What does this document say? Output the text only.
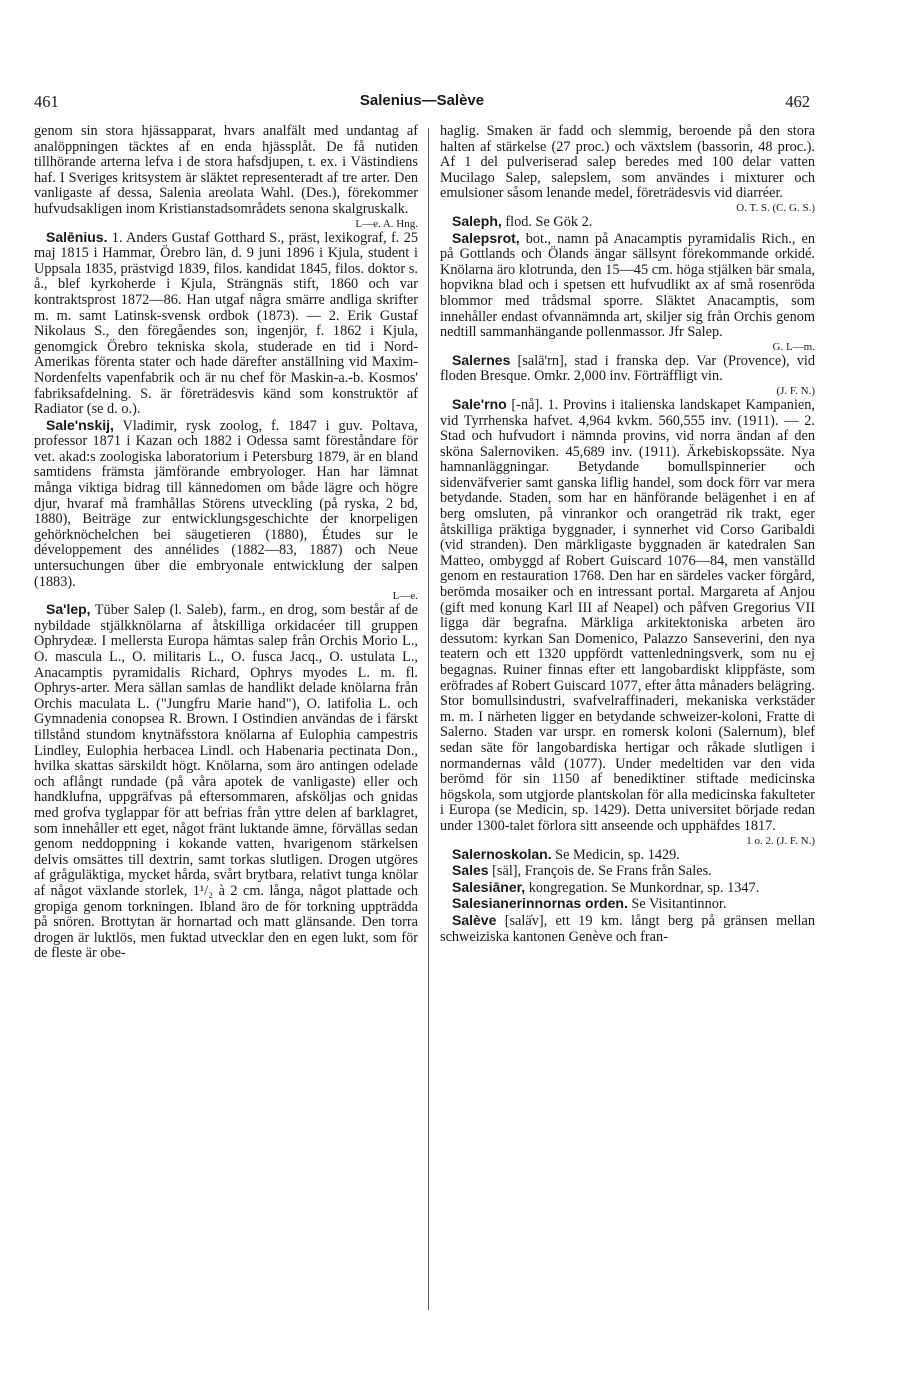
461	Salenius—Salève	462

genom sin stora hjässapparat, hvars analfält med undantag af analöppningen täcktes af en enda hjässplåt. De få nutiden tillhörande arterna lefva i de stora hafsdjupen, t. ex. i Västindiens haf. I Sveriges kritsystem är släktet representeradt af tre arter. Den vanligaste af dessa, Salenia areolata Wahl. (Des.), förekommer hufvudsakligen inom Kristianstadsområdets senona skalgruskalk.
L—e. A. Hng.

Salēnius. 1. Anders Gustaf Gotthard S., präst, lexikograf, f. 25 maj 1815 i Hammar, Örebro län, d. 9 juni 1896 i Kjula, student i Uppsala 1835, prästvigd 1839, filos. kandidat 1845, filos. doktor s. å., blef kyrkoherde i Kjula, Strängnäs stift, 1860 och var kontraktsprost 1872—86. Han utgaf några smärre andliga skrifter m. m. samt Latinsk-svensk ordbok (1873). — 2. Erik Gustaf Nikolaus S., den föregåendes son, ingenjör, f. 1862 i Kjula, genomgick Örebro tekniska skola, studerade en tid i Nord-Amerikas förenta stater och hade därefter anställning vid Maxim-Nordenfelts vapenfabrik och är nu chef för Maskin-a.-b. Kosmos' fabriksafdelning. S. är företrädesvis känd som konstruktör af Radiator (se d. o.).

Sale'nskij, Vladimir, rysk zoolog, f. 1847 i guv. Poltava, professor 1871 i Kazan och 1882 i Odessa samt föreståndare för vet. akad:s zoologiska laboratorium i Petersburg 1879, är en bland samtidens främsta jämförande embryologer. Han har lämnat många viktiga bidrag till kännedomen om både lägre och högre djur, hvaraf må framhållas Störens utveckling (på ryska, 2 bd, 1880), Beiträge zur entwicklungsgeschichte der knorpeligen gehörknöchelchen bei säugetieren (1880), Études sur le développement des annélides (1882—83, 1887) och Neue untersuchungen über die embryonale entwicklung der salpen (1883).
L—e.

Sa'lep, Tüber Salep (l. Saleb), farm., en drog, som består af de nybildade stjälkknölarna af åtskilliga orkidacéer till gruppen Ophrydeæ. I mellersta Europa hämtas salep från Orchis Morio L., O. mascula L., O. militaris L., O. fusca Jacq., O. ustulata L., Anacamptis pyramidalis Richard, Ophrys myodes L. m. fl. Ophrys-arter. Mera sällan samlas de handlikt delade knölarna från Orchis maculata L. ("Jungfru Marie hand"), O. latifolia L. och Gymnadenia conopsea R. Brown. I Ostindien användas de i färskt tillstånd stundom knytnäfsstora knölarna af Eulophia campestris Lindley, Eulophia herbacea Lindl. och Habenaria pectinata Don., hvilka skattas särskildt högt. Knölarna, som äro antingen odelade och aflångt rundade (på våra apotek de vanligaste) eller och handklufna, uppgräfvas på eftersommaren, afsköljas och gnidas med grofva tyglappar för att befrias från yttre delen af barklagret, som innehåller ett eget, något fränt luktande ämne, förvällas sedan genom neddoppning i kokande vatten, hvarigenom stärkelsen delvis omsättes till dextrin, samt torkas slutligen. Drogen utgöres af gråguläktiga, mycket hårda, svårt brytbara, relativt tunga knölar af något växlande storlek, 1¹/₂ à 2 cm. långa, något plattade och gropiga genom torkningen. Ibland äro de för torkning uppträdda på snören. Brottytan är hornartad och matt glänsande. Den torra drogen är luktlös, men fuktad utvecklar den en egen lukt, som för de fleste är obe-

haglig. Smaken är fadd och slemmig, beroende på den stora halten af stärkelse (27 proc.) och växtslem (bassorin, 48 proc.). Af 1 del pulveriserad salep beredes med 100 delar vatten Mucilago Salep, salepslem, som användes i mixturer och emulsioner såsom lenande medel, företrädesvis vid diarréer.
O. T. S. (C. G. S.)

Saleph, flod. Se Gök 2.

Salepsrot, bot., namn på Anacamptis pyramidalis Rich., en på Gottlands och Ölands ängar sällsynt förekommande orkidé. Knölarna äro klotrunda, den 15—45 cm. höga stjälken bär smala, hopvikna blad och i spetsen ett hufvudlikt ax af små rosenröda blommor med trådsmal sporre. Släktet Anacamptis, som innehåller endast ofvannämnda art, skiljer sig från Orchis genom nedtill sammanhängande pollenmassor. Jfr Salep.
G. L—m.

Salernes [salä'rn], stad i franska dep. Var (Provence), vid floden Bresque. Omkr. 2,000 inv. Förträffligt vin.
(J. F. N.)

Sale'rno [-nå]. 1. Provins i italienska landskapet Kampanien, vid Tyrrhenska hafvet. 4,964 kvkm. 560,555 inv. (1911). — 2. Stad och hufvudort i nämnda provins, vid norra ändan af den sköna Salernoviken. 45,689 inv. (1911). Ärkebiskopssäte. Nya hamnanläggningar. Betydande bomullspinnerier och sidenväfverier samt ganska liflig handel, som dock förr var mera betydande. Staden, som har en hänförande belägenhet i en af berg omsluten, på vinrankor och orangeträd rik trakt, eger åtskilliga präktiga byggnader, i synnerhet vid Corso Garibaldi (vid stranden). Den märkligaste byggnaden är katedralen San Matteo, ombyggd af Robert Guiscard 1076—84, men vanställd genom en restauration 1768. Den har en särdeles vacker förgård, berömda mosaiker och en intressant portal. Margareta af Anjou (gift med konung Karl III af Neapel) och påfven Gregorius VII ligga där begrafna. Märkliga arkitektoniska arbeten äro dessutom: kyrkan San Domenico, Palazzo Sanseverini, den nya teatern och ett 1320 uppfördt vattenledningsverk, som nu ej begagnas. Ruiner finnas efter ett langobardiskt klippfäste, som eröfrades af Robert Guiscard 1077, efter åtta månaders belägring. Stor bomullsindustri, svafvelraffinaderi, mekaniska verkstäder m. m. I närheten ligger en betydande schweizer-koloni, Fratte di Salerno. Staden var urspr. en romersk koloni (Salernum), blef sedan säte för langobardiska hertigar och råkade slutligen i normandernas våld (1077). Under medeltiden var den vida berömd för sin 1150 af benediktiner stiftade medicinska högskola, som utgjorde plantskolan för alla medicinska fakulteter i Europa (se Medicin, sp. 1429). Detta universitet började redan under 1300-talet förlora sitt anseende och upphäfdes 1817.
1 o. 2. (J. F. N.)

Salernoskolan. Se Medicin, sp. 1429.

Sales [säl], François de. Se Frans från Sales.

Salesiāner, kongregation. Se Munkordnar, sp. 1347.

Salesianerinnornas orden. Se Visitantinnor.

Salève [salä̇v], ett 19 km. långt berg på gränsen mellan schweiziska kantonen Genève och fran-
